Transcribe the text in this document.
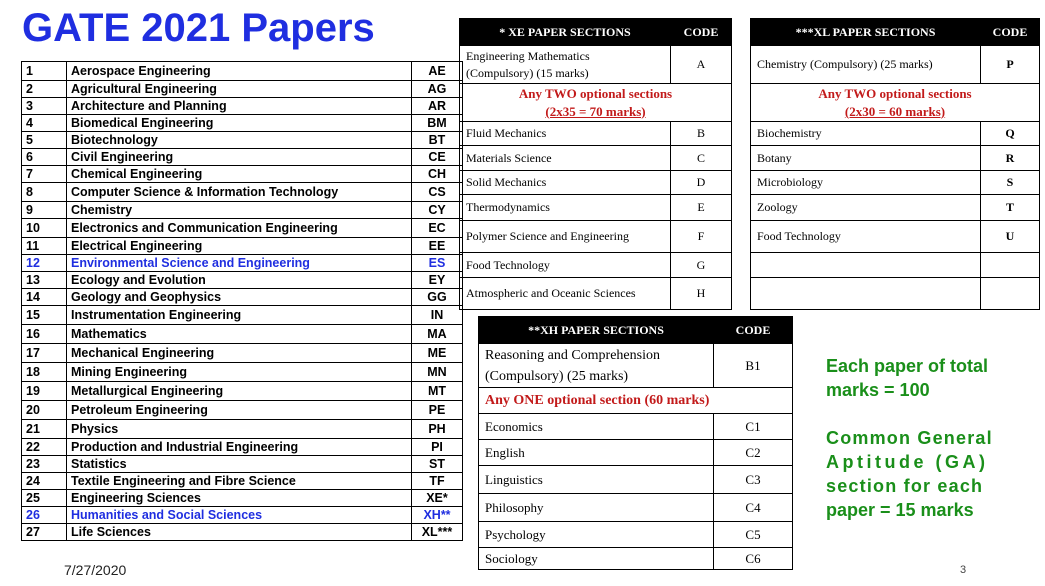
GATE 2021 Papers
1	Aerospace Engineering	AE
2	Agricultural Engineering	AG
3	Architecture and Planning	AR
4	Biomedical Engineering	BM
5	Biotechnology	BT
6	Civil Engineering	CE
7	Chemical Engineering	CH
8	Computer Science & Information Technology	CS
9	Chemistry	CY
10	Electronics and Communication Engineering	EC
11	Electrical Engineering	EE
12	Environmental Science and Engineering	ES
13	Ecology and Evolution	EY
14	Geology and Geophysics	GG
15	Instrumentation Engineering	IN
16	Mathematics	MA
17	Mechanical Engineering	ME
18	Mining Engineering	MN
19	Metallurgical Engineering	MT
20	Petroleum Engineering	PE
21	Physics	PH
22	Production and Industrial Engineering	PI
23	Statistics	ST
24	Textile Engineering and Fibre Science	TF
25	Engineering Sciences	XE*
26	Humanities and Social Sciences	XH**
27	Life Sciences	XL***
* XE PAPER SECTIONS	CODE
Engineering Mathematics
(Compulsory) (15 marks)	A
Any TWO optional sections
(2x35 = 70 marks)	
Fluid Mechanics	B
Materials Science	C
Solid Mechanics	D
Thermodynamics	E
Polymer Science and Engineering	F
Food Technology	G
Atmospheric and Oceanic Sciences	H
***XL PAPER SECTIONS	CODE
Chemistry (Compulsory) (25 marks)	P
Any TWO optional sections
(2x30 = 60 marks)	
Biochemistry	Q
Botany	R
Microbiology	S
Zoology	T
Food Technology	U

**XH PAPER SECTIONS	CODE
Reasoning and Comprehension
(Compulsory) (25 marks)	B1
Any ONE optional section (60 marks)	
Economics	C1
English	C2
Linguistics	C3
Philosophy	C4
Psychology	C5
Sociology	C6
Each paper of total
marks = 100
Common General
Aptitude (GA)
section for each
paper = 15 marks
7/27/2020	3
